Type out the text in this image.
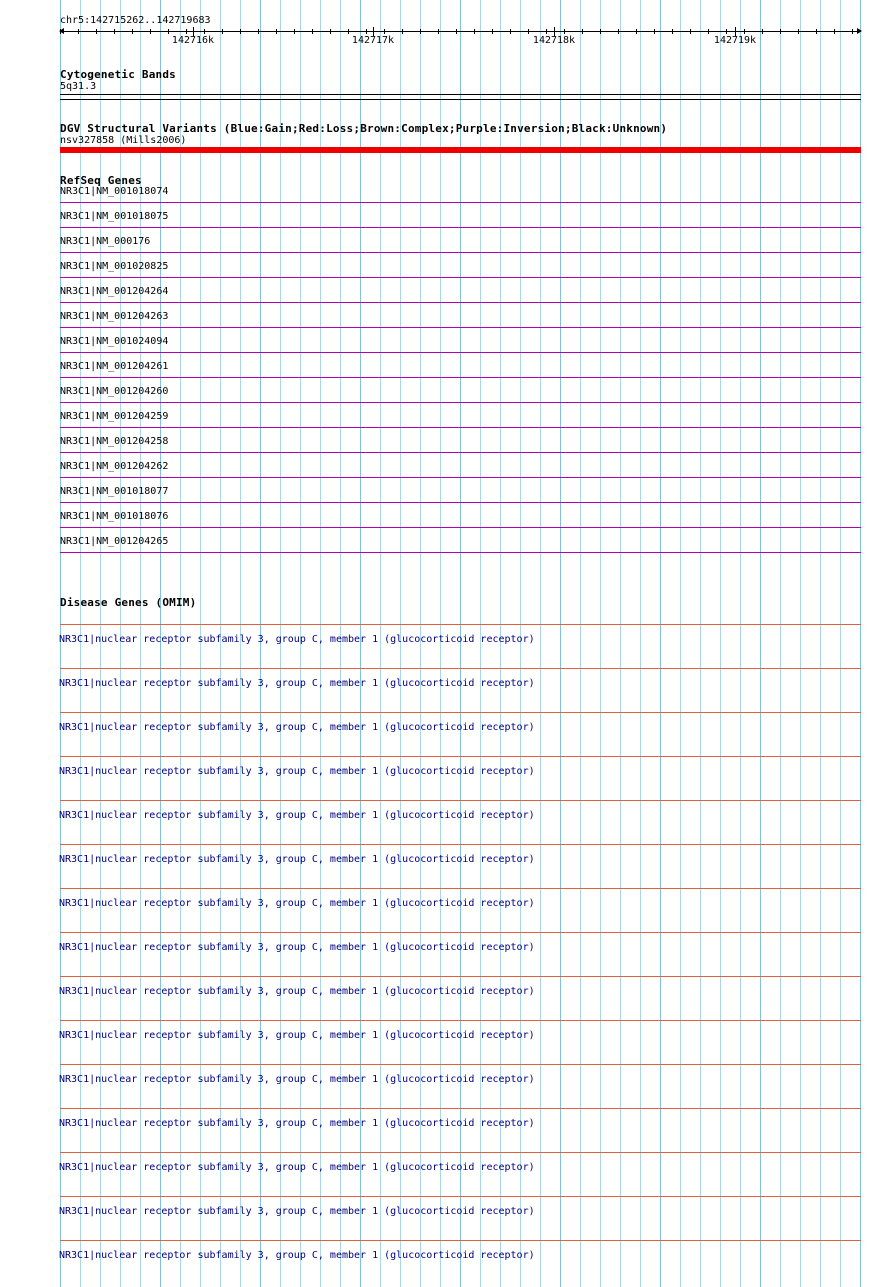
chr5:142715262..142719683
142716k	142717k	142718k	142719k
Cytogenetic Bands
5q31.3
DGV Structural Variants (Blue:Gain;Red:Loss;Brown:Complex;Purple:Inversion;Black:Unknown)
nsv327858 (Mills2006)
RefSeq Genes
NR3C1|NM_001018074
NR3C1|NM_001018075
NR3C1|NM_000176
NR3C1|NM_001020825
NR3C1|NM_001204264
NR3C1|NM_001204263
NR3C1|NM_001024094
NR3C1|NM_001204261
NR3C1|NM_001204260
NR3C1|NM_001204259
NR3C1|NM_001204258
NR3C1|NM_001204262
NR3C1|NM_001018077
NR3C1|NM_001018076
NR3C1|NM_001204265
Disease Genes (OMIM)
NR3C1|nuclear receptor subfamily 3, group C, member 1 (glucocorticoid receptor)
NR3C1|nuclear receptor subfamily 3, group C, member 1 (glucocorticoid receptor)
NR3C1|nuclear receptor subfamily 3, group C, member 1 (glucocorticoid receptor)
NR3C1|nuclear receptor subfamily 3, group C, member 1 (glucocorticoid receptor)
NR3C1|nuclear receptor subfamily 3, group C, member 1 (glucocorticoid receptor)
NR3C1|nuclear receptor subfamily 3, group C, member 1 (glucocorticoid receptor)
NR3C1|nuclear receptor subfamily 3, group C, member 1 (glucocorticoid receptor)
NR3C1|nuclear receptor subfamily 3, group C, member 1 (glucocorticoid receptor)
NR3C1|nuclear receptor subfamily 3, group C, member 1 (glucocorticoid receptor)
NR3C1|nuclear receptor subfamily 3, group C, member 1 (glucocorticoid receptor)
NR3C1|nuclear receptor subfamily 3, group C, member 1 (glucocorticoid receptor)
NR3C1|nuclear receptor subfamily 3, group C, member 1 (glucocorticoid receptor)
NR3C1|nuclear receptor subfamily 3, group C, member 1 (glucocorticoid receptor)
NR3C1|nuclear receptor subfamily 3, group C, member 1 (glucocorticoid receptor)
NR3C1|nuclear receptor subfamily 3, group C, member 1 (glucocorticoid receptor)
